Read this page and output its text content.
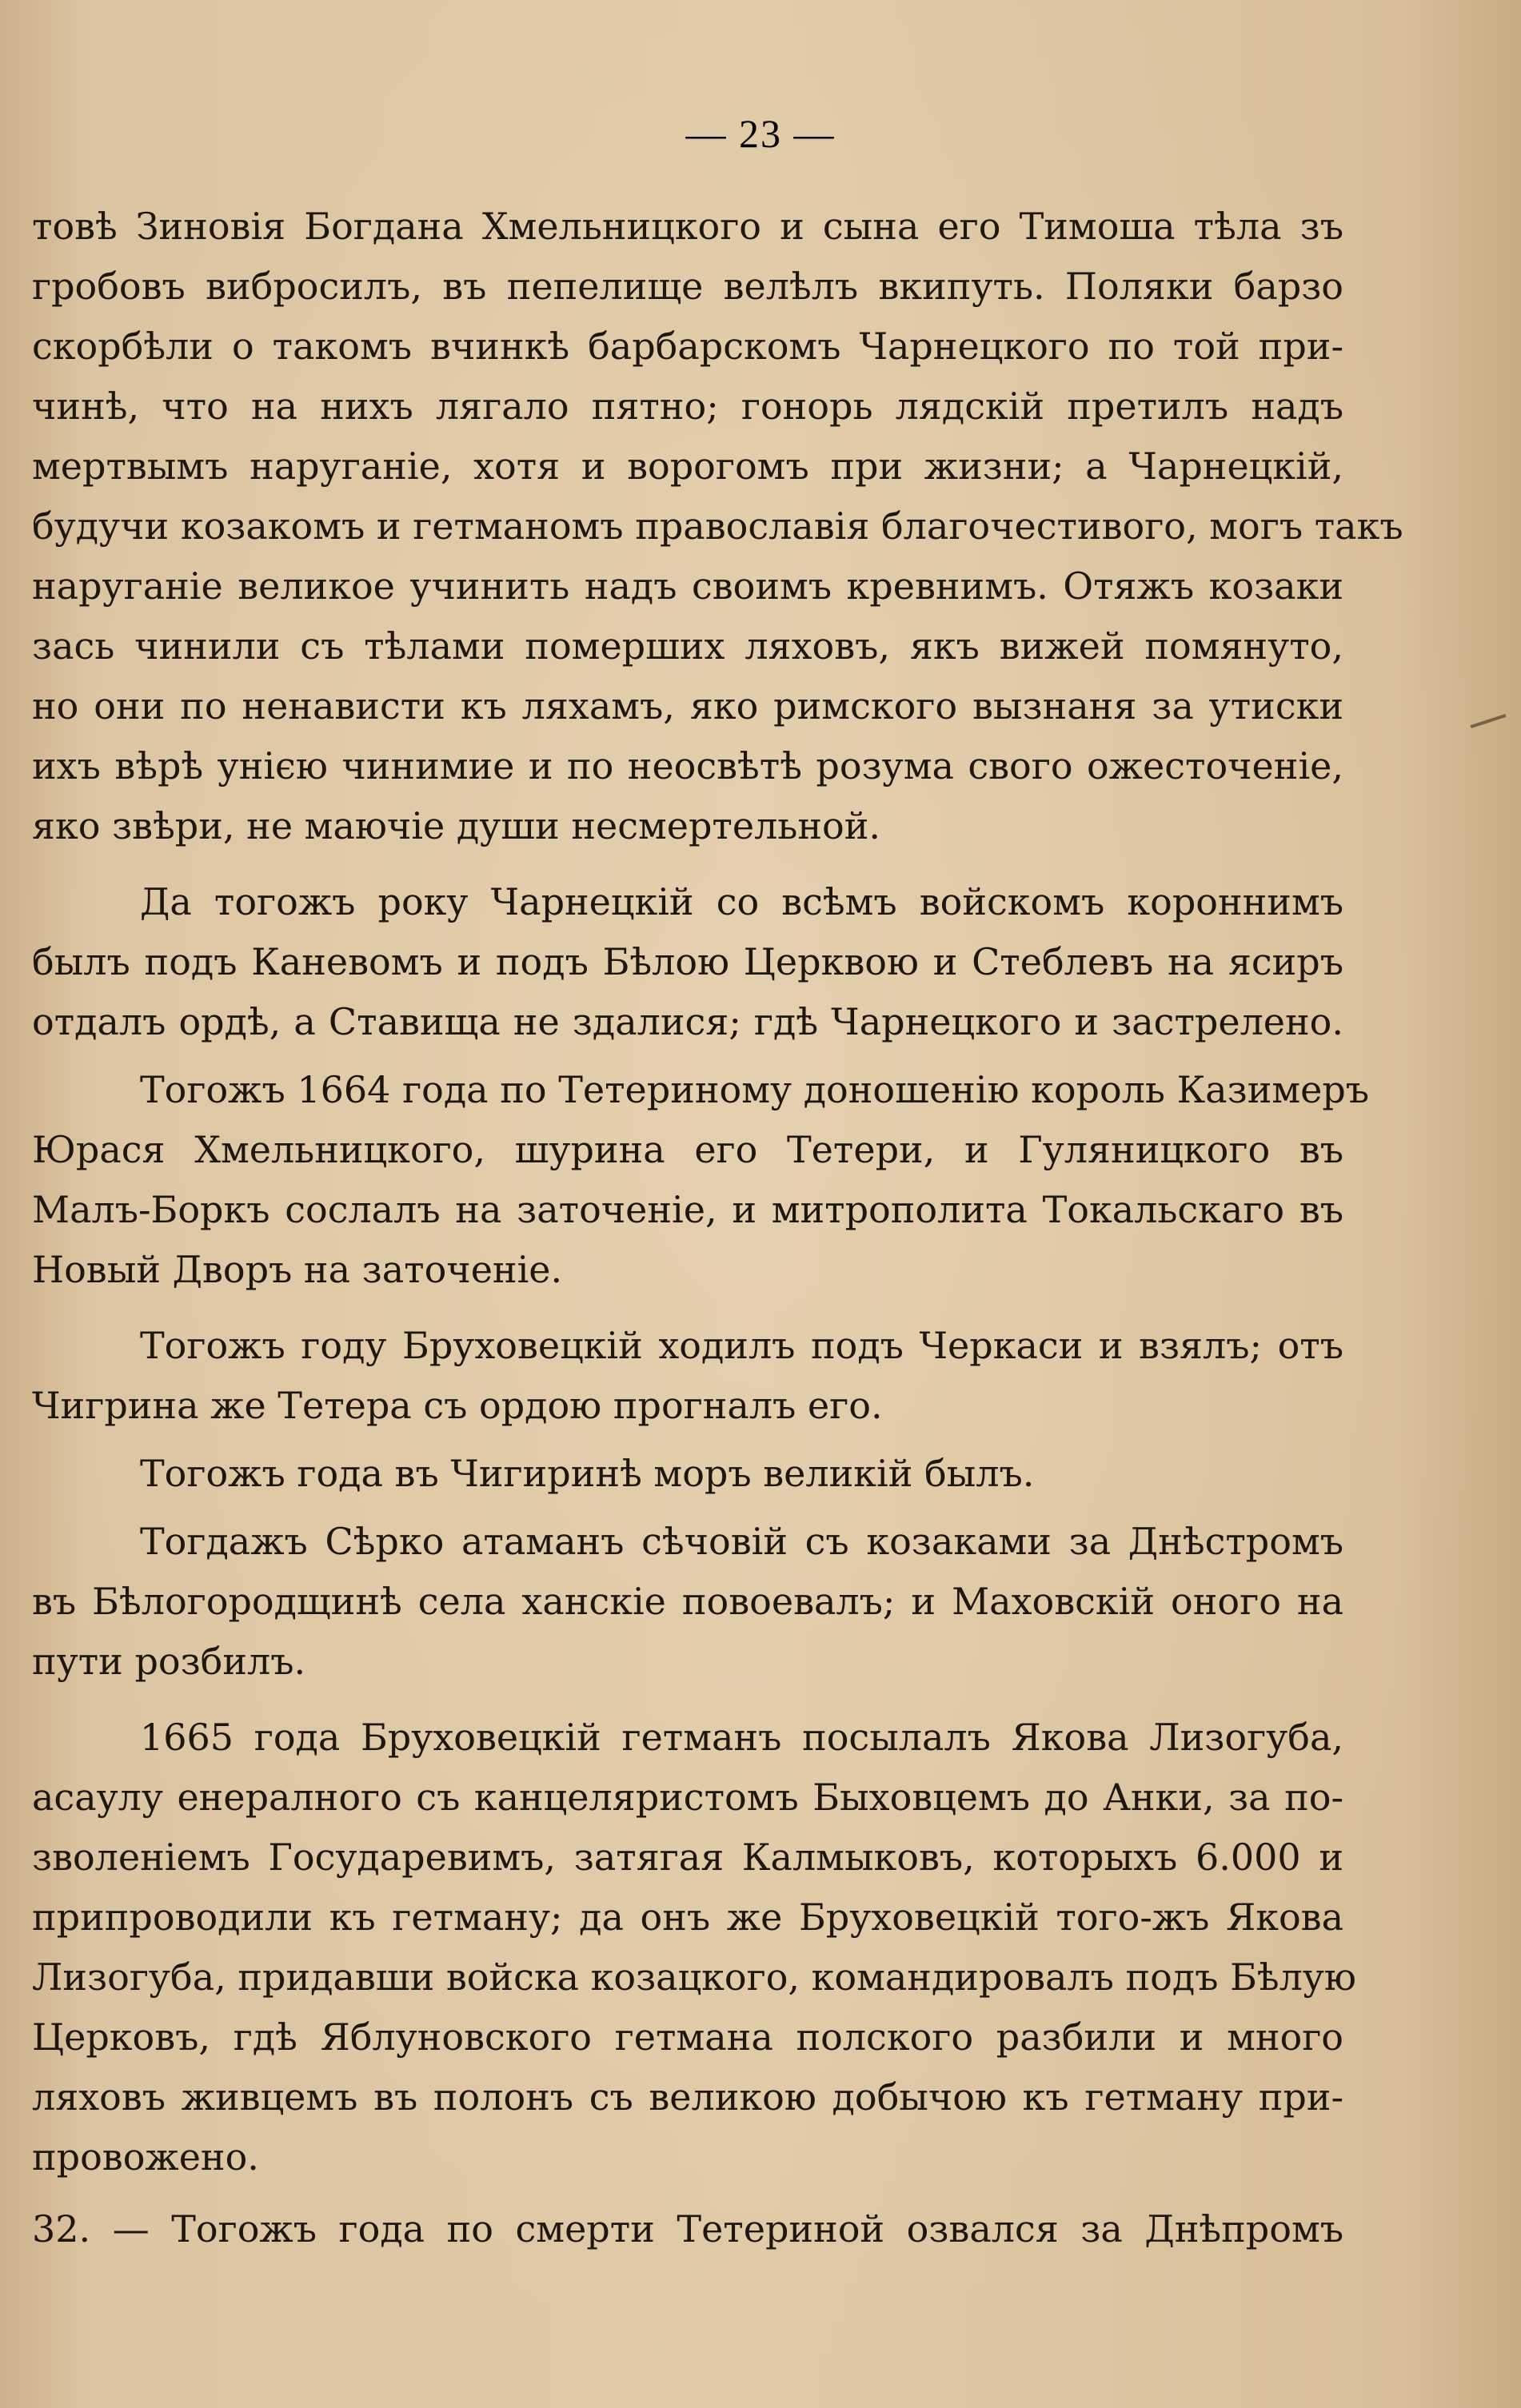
— 23 —
товѣ Зиновія Богдана Хмельницкого и сына его Тимоша тѣла зъ
гробовъ вибросилъ, въ пепелище велѣлъ вкипуть. Поляки барзо
скорбѣли о такомъ вчинкѣ барбарскомъ Чарнецкого по той при-
чинѣ, что на нихъ лягало пятно; гонорь лядскій претилъ надъ
мертвымъ наруганіе, хотя и ворогомъ при жизни; а Чарнецкій,
будучи козакомъ и гетманомъ православія благочестивого, могъ такъ
наруганіе великое учинить надъ своимъ кревнимъ. Отяжъ козаки
зась чинили съ тѣлами померших ляховъ, якъ вижей помянуто,
но они по ненависти къ ляхамъ, яко римского вызнаня за утиски
ихъ вѣрѣ унією чинимие и по неосвѣтѣ розума свого ожесточеніе,
яко звѣри, не маючіе души несмертельной.
Да тогожъ року Чарнецкій со всѣмъ войскомъ короннимъ
былъ подъ Каневомъ и подъ Бѣлою Церквою и Стеблевъ на ясиръ
отдалъ ордѣ, а Ставища не здалися; гдѣ Чарнецкого и застрелено.
Тогожъ 1664 года по Тетериному доношенію король Казимеръ
Юрася Хмельницкого, шурина его Тетери, и Гуляницкого въ
Малъ-Боркъ сослалъ на заточеніе, и митрополита Токальскаго въ
Новый Дворъ на заточеніе.
Тогожъ году Бруховецкій ходилъ подъ Черкаси и взялъ; отъ
Чигрина же Тетера съ ордою прогналъ его.
Тогожъ года въ Чигиринѣ моръ великій былъ.
Тогдажъ Сѣрко атаманъ сѣчовій съ козаками за Днѣстромъ
въ Бѣлогородщинѣ села ханскіе повоевалъ; и Маховскій оного на
пути розбилъ.
1665 года Бруховецкій гетманъ посылалъ Якова Лизогуба,
асаулу енералного съ канцеляристомъ Быховцемъ до Анки, за по-
зволеніемъ Государевимъ, затягая Калмыковъ, которыхъ 6.000 и
припроводили къ гетману; да онъ же Бруховецкій того-жъ Якова
Лизогуба, придавши войска козацкого, командировалъ подъ Бѣлую
Церковъ, гдѣ Яблуновского гетмана полского разбили и много
ляховъ живцемъ въ полонъ съ великою добычою къ гетману при-
провожено.
32. — Тогожъ года по смерти Тетериной озвался за Днѣпромъ
